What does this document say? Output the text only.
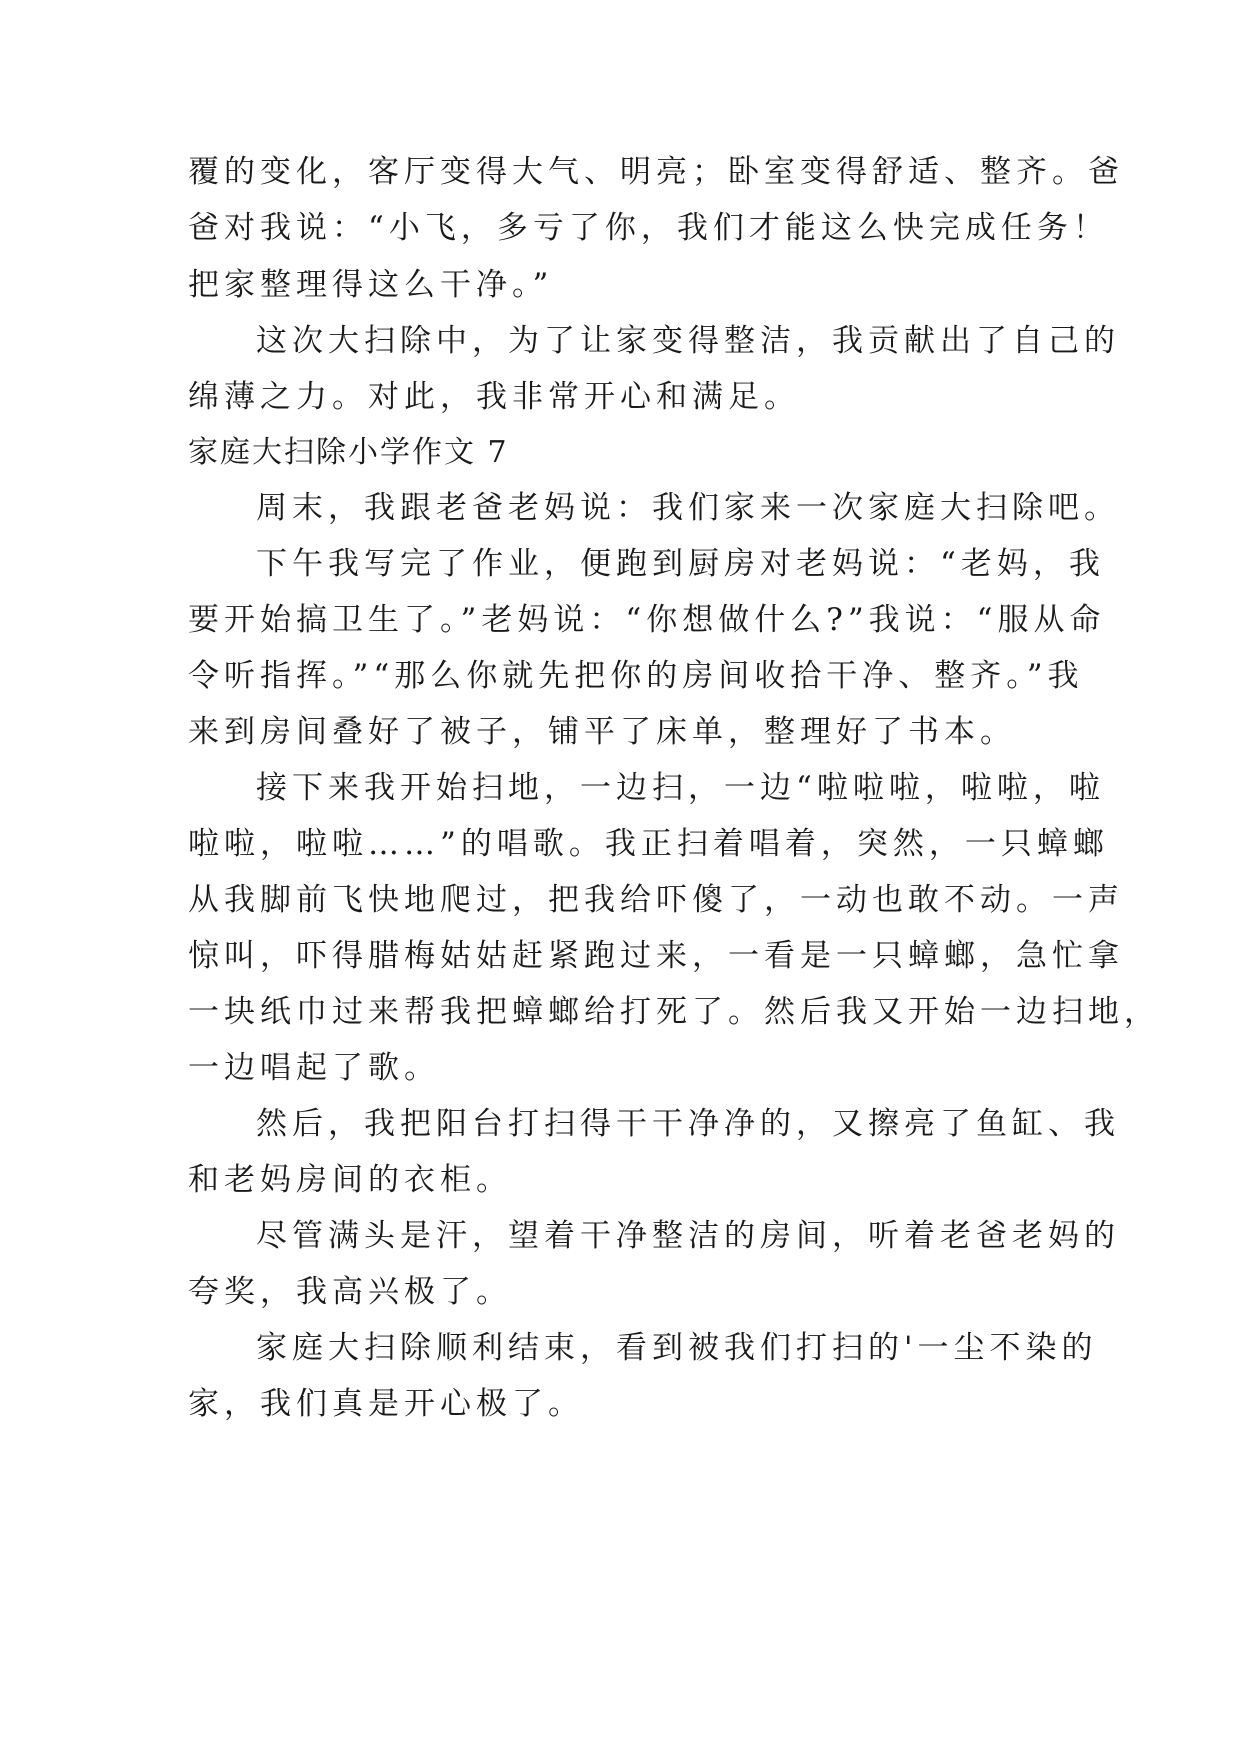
覆的变化，客厅变得大气、明亮；卧室变得舒适、整齐。爸
爸对我说：“小飞，多亏了你，我们才能这么快完成任务！
把家整理得这么干净。”
这次大扫除中，为了让家变得整洁，我贡献出了自己的
绵薄之力。对此，我非常开心和满足。
家庭大扫除小学作文 7
周末，我跟老爸老妈说：我们家来一次家庭大扫除吧。
下午我写完了作业，便跑到厨房对老妈说：“老妈，我
要开始搞卫生了。”老妈说：“你想做什么?”我说：“服从命
令听指挥。”“那么你就先把你的房间收拾干净、整齐。”我
来到房间叠好了被子，铺平了床单，整理好了书本。
接下来我开始扫地，一边扫，一边“啦啦啦，啦啦，啦
啦啦，啦啦……”的唱歌。我正扫着唱着，突然，一只蟑螂
从我脚前飞快地爬过，把我给吓傻了，一动也敢不动。一声
惊叫，吓得腊梅姑姑赶紧跑过来，一看是一只蟑螂，急忙拿
一块纸巾过来帮我把蟑螂给打死了。然后我又开始一边扫地，
一边唱起了歌。
然后，我把阳台打扫得干干净净的，又擦亮了鱼缸、我
和老妈房间的衣柜。
尽管满头是汗，望着干净整洁的房间，听着老爸老妈的
夸奖，我高兴极了。
家庭大扫除顺利结束，看到被我们打扫的'一尘不染的
家，我们真是开心极了。
